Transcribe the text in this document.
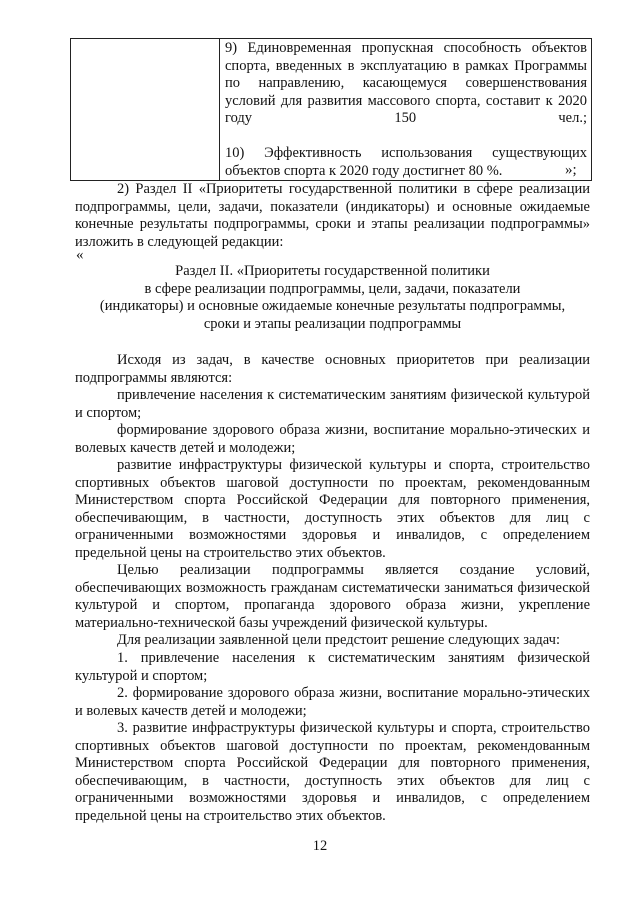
9) Единовременная пропускная способность объектов спорта, введенных в эксплуатацию в рамках Программы по направлению, касающемуся совершенствования условий для развития массового спорта, составит к 2020 году 150 чел.;

10) Эффективность использования существующих объектов спорта к 2020 году достигнет 80 %.	»;

2) Раздел II «Приоритеты государственной политики в сфере реализации подпрограммы, цели, задачи, показатели (индикаторы) и основные ожидаемые конечные результаты подпрограммы, сроки и этапы реализации подпрограммы» изложить в следующей редакции:

«
Раздел II. «Приоритеты государственной политики
в сфере реализации подпрограммы, цели, задачи, показатели
(индикаторы) и основные ожидаемые конечные результаты подпрограммы,
сроки и этапы реализации подпрограммы

Исходя из задач, в качестве основных приоритетов при реализации подпрограммы являются:

привлечение населения к систематическим занятиям физической культурой и спортом;

формирование здорового образа жизни, воспитание морально-этических и волевых качеств детей и молодежи;

развитие инфраструктуры физической культуры и спорта, строительство спортивных объектов шаговой доступности по проектам, рекомендованным Министерством спорта Российской Федерации для повторного применения, обеспечивающим, в частности, доступность этих объектов для лиц с ограниченными возможностями здоровья и инвалидов, с определением предельной цены на строительство этих объектов.

Целью реализации подпрограммы является создание условий, обеспечивающих возможность гражданам систематически заниматься физической культурой и спортом, пропаганда здорового образа жизни, укрепление материально-технической базы учреждений физической культуры.

Для реализации заявленной цели предстоит решение следующих задач:

1. привлечение населения к систематическим занятиям физической культурой и спортом;

2. формирование здорового образа жизни, воспитание морально-этических и волевых качеств детей и молодежи;

3. развитие инфраструктуры физической культуры и спорта, строительство спортивных объектов шаговой доступности по проектам, рекомендованным Министерством спорта Российской Федерации для повторного применения, обеспечивающим, в частности, доступность этих объектов для лиц с ограниченными возможностями здоровья и инвалидов, с определением предельной цены на строительство этих объектов.

12
